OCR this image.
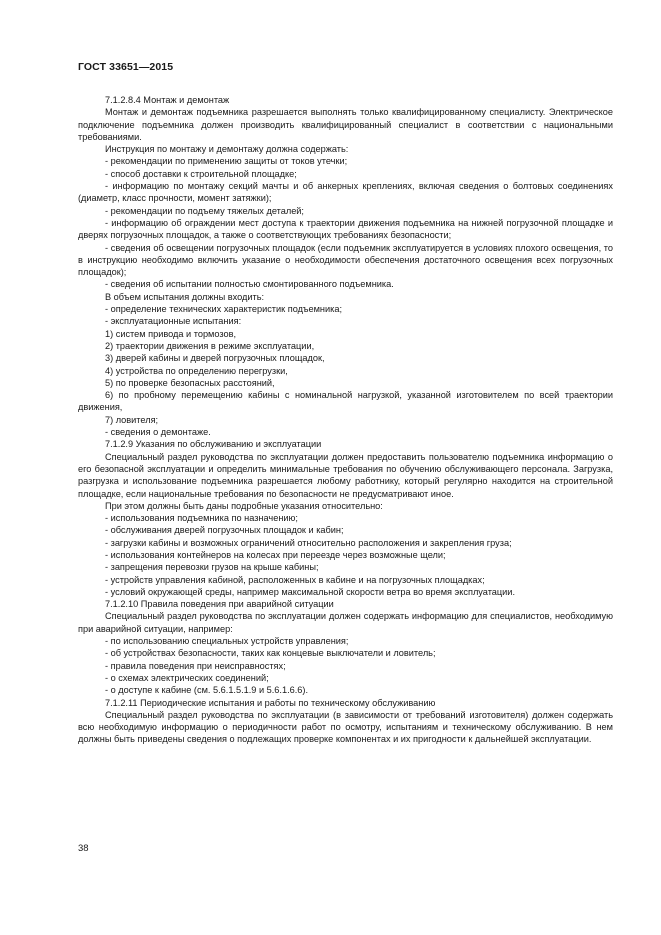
ГОСТ 33651—2015

7.1.2.8.4 Монтаж и демонтаж

Монтаж и демонтаж подъемника разрешается выполнять только квалифицированному специалисту. Электрическое подключение подъемника должен производить квалифицированный специалист в соответствии с национальными требованиями.

Инструкция по монтажу и демонтажу должна содержать:

- рекомендации по применению защиты от токов утечки;

- способ доставки к строительной площадке;

- информацию по монтажу секций мачты и об анкерных креплениях, включая сведения о болтовых соединениях (диаметр, класс прочности, момент затяжки);

- рекомендации по подъему тяжелых деталей;

- информацию об ограждении мест доступа к траектории движения подъемника на нижней погрузочной площадке и дверях погрузочных площадок, а также о соответствующих требованиях безопасности;

- сведения об освещении погрузочных площадок (если подъемник эксплуатируется в условиях плохого освещения, то в инструкцию необходимо включить указание о необходимости обеспечения достаточного освещения всех погрузочных площадок);

- сведения об испытании полностью смонтированного подъемника.

В объем испытания должны входить:

- определение технических характеристик подъемника;

- эксплуатационные испытания:

1) систем привода и тормозов,

2) траектории движения в режиме эксплуатации,

3) дверей кабины и дверей погрузочных площадок,

4) устройства по определению перегрузки,

5) по проверке безопасных расстояний,

6) по пробному перемещению кабины с номинальной нагрузкой, указанной изготовителем по всей траектории движения,

7) ловителя;

- сведения о демонтаже.

7.1.2.9 Указания по обслуживанию и эксплуатации

Специальный раздел руководства по эксплуатации должен предоставить пользователю подъемника информацию о его безопасной эксплуатации и определить минимальные требования по обучению обслуживающего персонала. Загрузка, разгрузка и использование подъемника разрешается любому работнику, который регулярно находится на строительной площадке, если национальные требования по безопасности не предусматривают иное.

При этом должны быть даны подробные указания относительно:

- использования подъемника по назначению;

- обслуживания дверей погрузочных площадок и кабин;

- загрузки кабины и возможных ограничений относительно расположения и закрепления груза;

- использования контейнеров на колесах при переезде через возможные щели;

- запрещения перевозки грузов на крыше кабины;

- устройств управления кабиной, расположенных в кабине и на погрузочных площадках;

- условий окружающей среды, например максимальной скорости ветра во время эксплуатации.

7.1.2.10 Правила поведения при аварийной ситуации

Специальный раздел руководства по эксплуатации должен содержать информацию для специалистов, необходимую при аварийной ситуации, например:

- по использованию специальных устройств управления;

- об устройствах безопасности, таких как концевые выключатели и ловитель;

- правила поведения при неисправностях;

- о схемах электрических соединений;

- о доступе к кабине (см. 5.6.1.5.1.9 и 5.6.1.6.6).

7.1.2.11 Периодические испытания и работы по техническому обслуживанию

Специальный раздел руководства по эксплуатации (в зависимости от требований изготовителя) должен содержать всю необходимую информацию о периодичности работ по осмотру, испытаниям и техническому обслуживанию. В нем должны быть приведены сведения о подлежащих проверке компонентах и их пригодности к дальнейшей эксплуатации.

38
